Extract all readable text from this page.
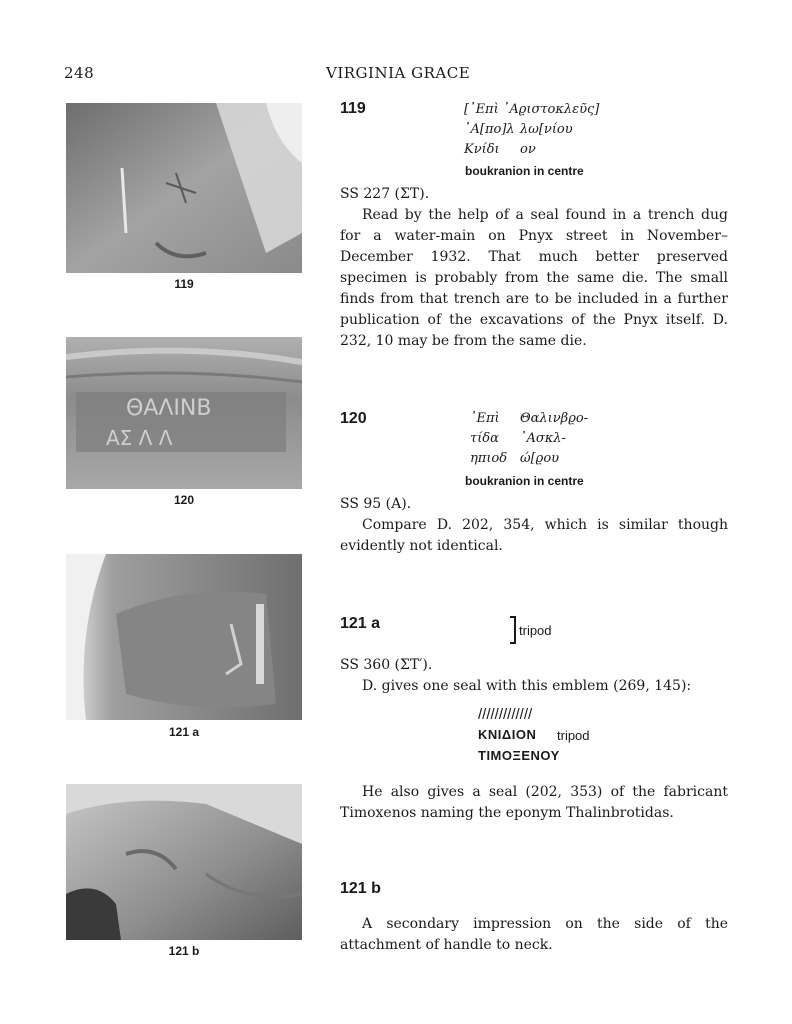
248	VIRGINIA GRACE
119
ΘΑΛΙΝΒ
ΑΣ Λ Λ
120
121 a
121 b
119	[᾿Επὶ ᾿Αϱιστοκλεῦς]
᾿Α[πο]λ λω[νίου
Κνίδι ον
boukranion in centre

SS 227 (ΣΤ).

Read by the help of a seal found in a trench dug for a water-main on Pnyx street in November–December 1932. That much better preserved specimen is probably from the same die. The small finds from that trench are to be included in a further publication of the excavations of the Pnyx itself. D. 232, 10 may be from the same die.

120	᾿Επὶ Θαλινβϱο-
τίδα ᾿Ασκλ-
ηπιοδ ώ[ϱου
boukranion in centre

SS 95 (A).

Compare D. 202, 354, which is similar though evidently not identical.

121 a	tripod

SS 360 (ΣΤ′).

D. gives one seal with this emblem (269, 145):

/////////////
ΚΝΙΔΙΟΝ tripod
ΤΙΜΟΞΕΝΟΥ

He also gives a seal (202, 353) of the fabricant Timoxenos naming the eponym Thalinbrotidas.

121 b

A secondary impression on the side of the attachment of handle to neck.
